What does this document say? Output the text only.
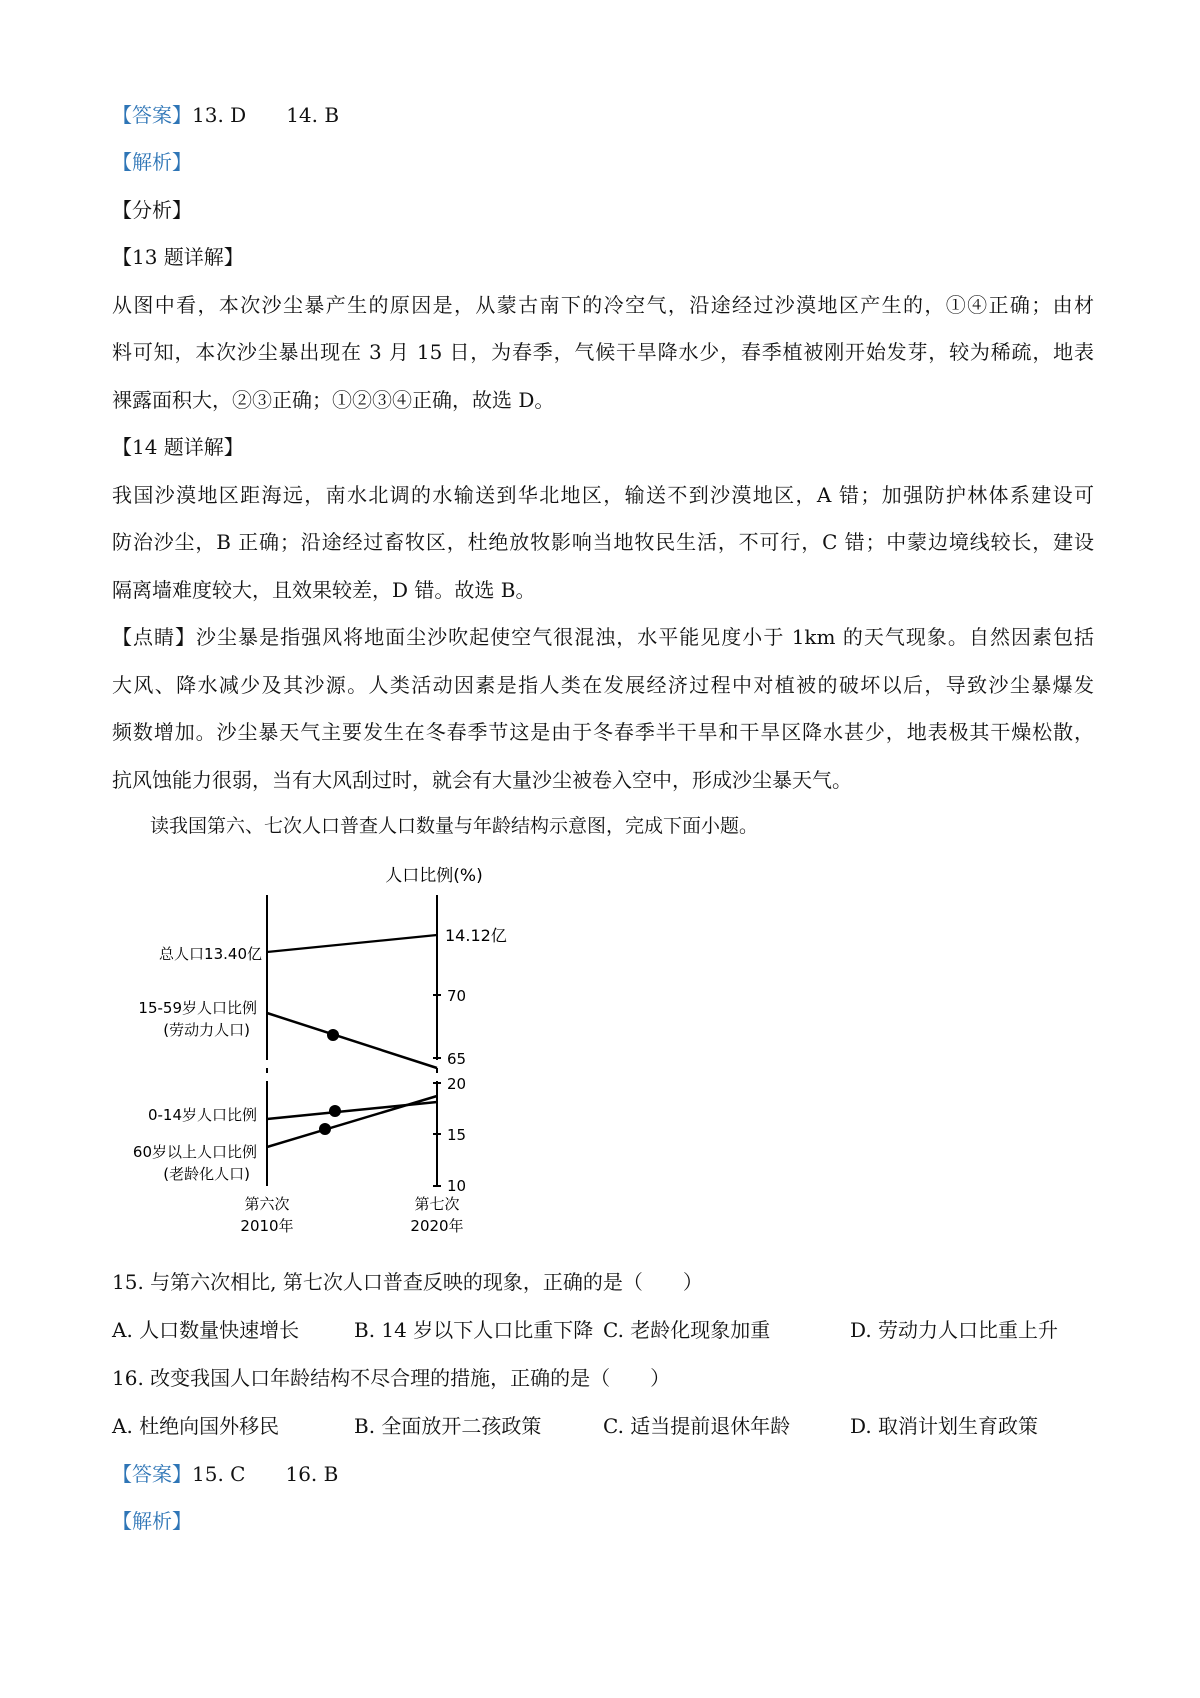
【答案】13. D　　14. B
【解析】
【分析】
【13 题详解】
从图中看，本次沙尘暴产生的原因是，从蒙古南下的冷空气，沿途经过沙漠地区产生的，①④正确；由材
料可知，本次沙尘暴出现在 3 月 15 日，为春季，气候干旱降水少，春季植被刚开始发芽，较为稀疏，地表
裸露面积大，②③正确；①②③④正确，故选 D。
【14 题详解】
我国沙漠地区距海远，南水北调的水输送到华北地区，输送不到沙漠地区，A 错；加强防护林体系建设可
防治沙尘，B 正确；沿途经过畜牧区，杜绝放牧影响当地牧民生活，不可行，C 错；中蒙边境线较长，建设
隔离墙难度较大，且效果较差，D 错。故选 B。
【点睛】沙尘暴是指强风将地面尘沙吹起使空气很混浊，水平能见度小于 1km 的天气现象。自然因素包括
大风、降水减少及其沙源。人类活动因素是指人类在发展经济过程中对植被的破坏以后，导致沙尘暴爆发
频数增加。沙尘暴天气主要发生在冬春季节这是由于冬春季半干旱和干旱区降水甚少，地表极其干燥松散，
抗风蚀能力很弱，当有大风刮过时，就会有大量沙尘被卷入空中，形成沙尘暴天气。
读我国第六、七次人口普查人口数量与年龄结构示意图，完成下面小题。
人口比例(%)
70
65
20
15
10
总人口13.40亿
14.12亿
15-59岁人口比例
(劳动力人口)
0-14岁人口比例
60岁以上人口比例
(老龄化人口)
第六次
2010年
第七次
2020年
15. 与第六次相比, 第七次人口普查反映的现象，正确的是（　　）
A. 人口数量快速增长	B. 14 岁以下人口比重下降 C. 老龄化现象加重	D. 劳动力人口比重上升
16. 改变我国人口年龄结构不尽合理的措施，正确的是（　　）
A. 杜绝向国外移民	B. 全面放开二孩政策	C. 适当提前退休年龄	D. 取消计划生育政策
【答案】15. C　　16. B
【解析】
